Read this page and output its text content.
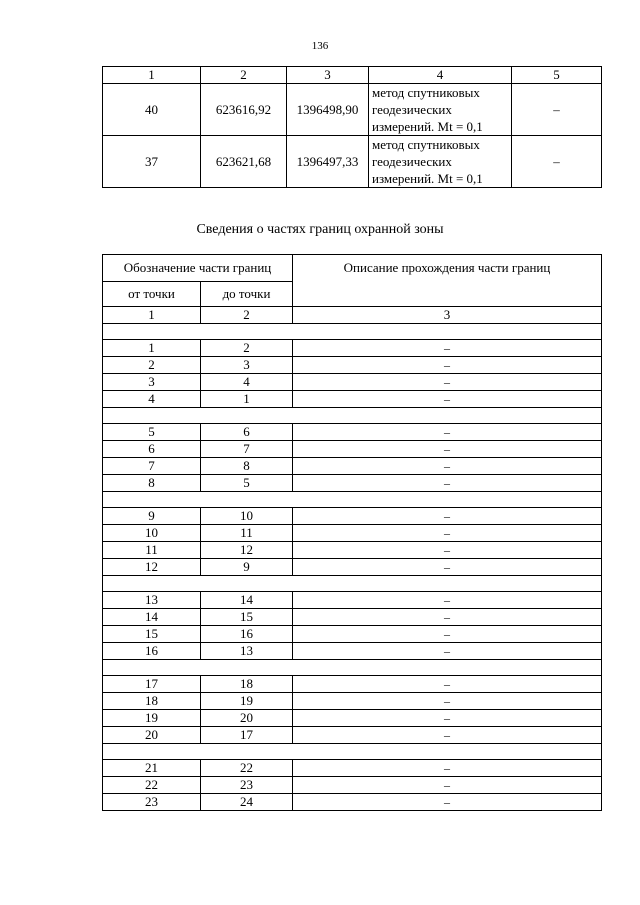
136
1	2	3	4	5
40	623616,92	1396498,90	метод спутниковых
геодезических
измерений. Mt = 0,1	–
37	623621,68	1396497,33	метод спутниковых
геодезических
измерений. Mt = 0,1	–
Сведения о частях границ охранной зоны
Обозначение части границ		Описание прохождения части границ
от точки	до точки	
1	2	3

1	2	–
2	3	–
3	4	–
4	1	–

5	6	–
6	7	–
7	8	–
8	5	–

9	10	–
10	11	–
11	12	–
12	9	–

13	14	–
14	15	–
15	16	–
16	13	–

17	18	–
18	19	–
19	20	–
20	17	–

21	22	–
22	23	–
23	24	–
